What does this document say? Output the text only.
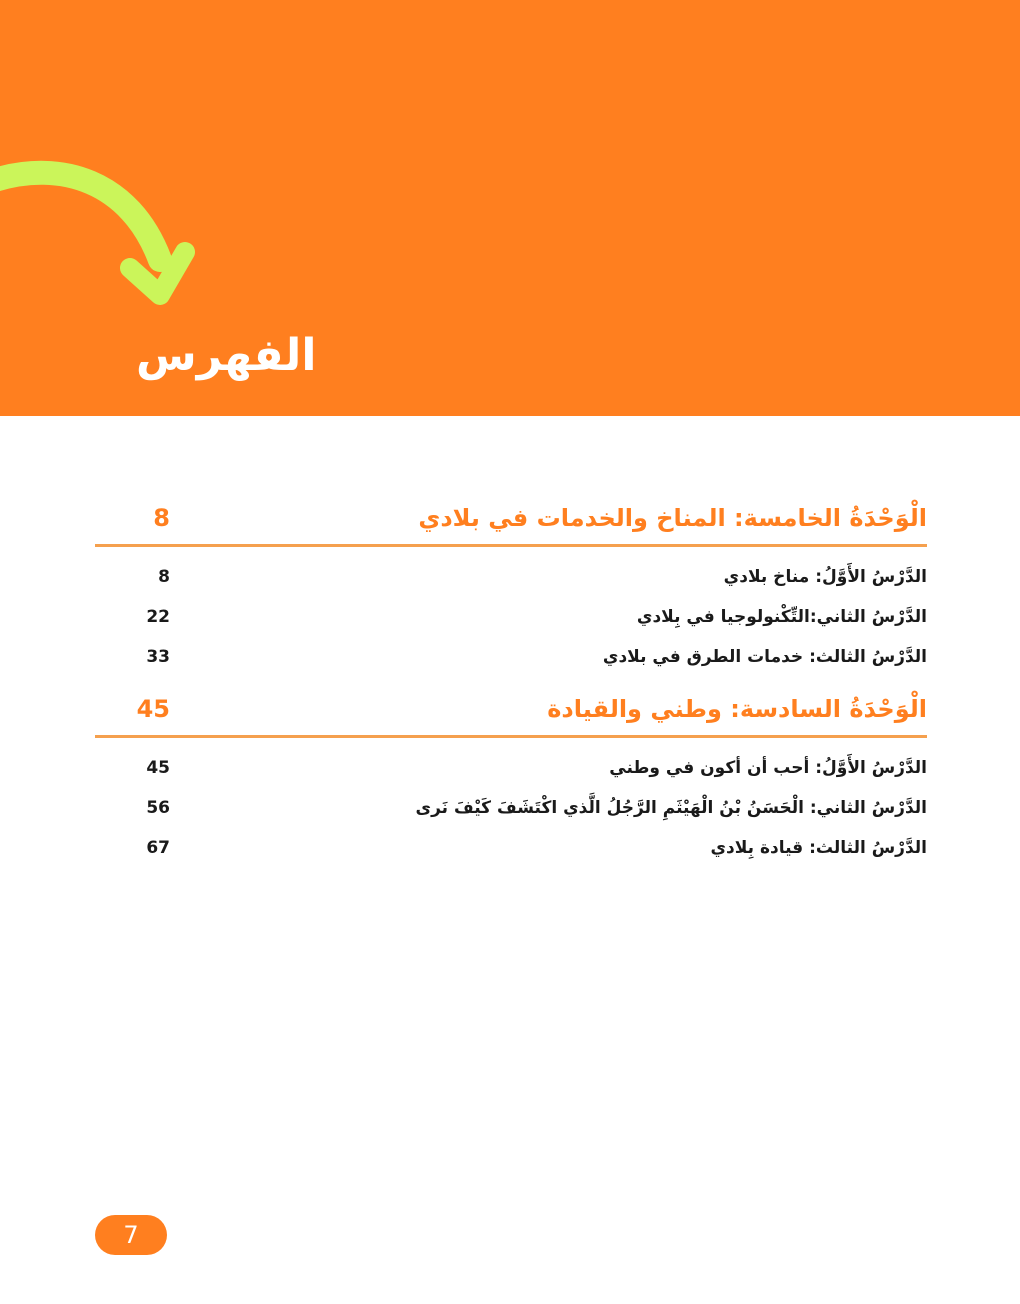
الفهرس
الْوَحْدَةُ الخامسة: المناخ والخدمات في بلادي
8
الدَّرْسُ الأَوَّلُ: مناخ بلادي
8
الدَّرْسُ الثاني:التِّكْنولوجيا في بِلادي
22
الدَّرْسُ الثالث: خدمات الطرق في بلادي
33
الْوَحْدَةُ السادسة: وطني والقيادة
45
الدَّرْسُ الأَوَّلُ: أحب أن أكون في وطني
45
الدَّرْسُ الثاني: الْحَسَنُ بْنُ الْهَيْثَمِ الرَّجُلُ الَّذي اكْتَشَفَ كَيْفَ نَرى
56
الدَّرْسُ الثالث: قيادة بِلادي
67
7
